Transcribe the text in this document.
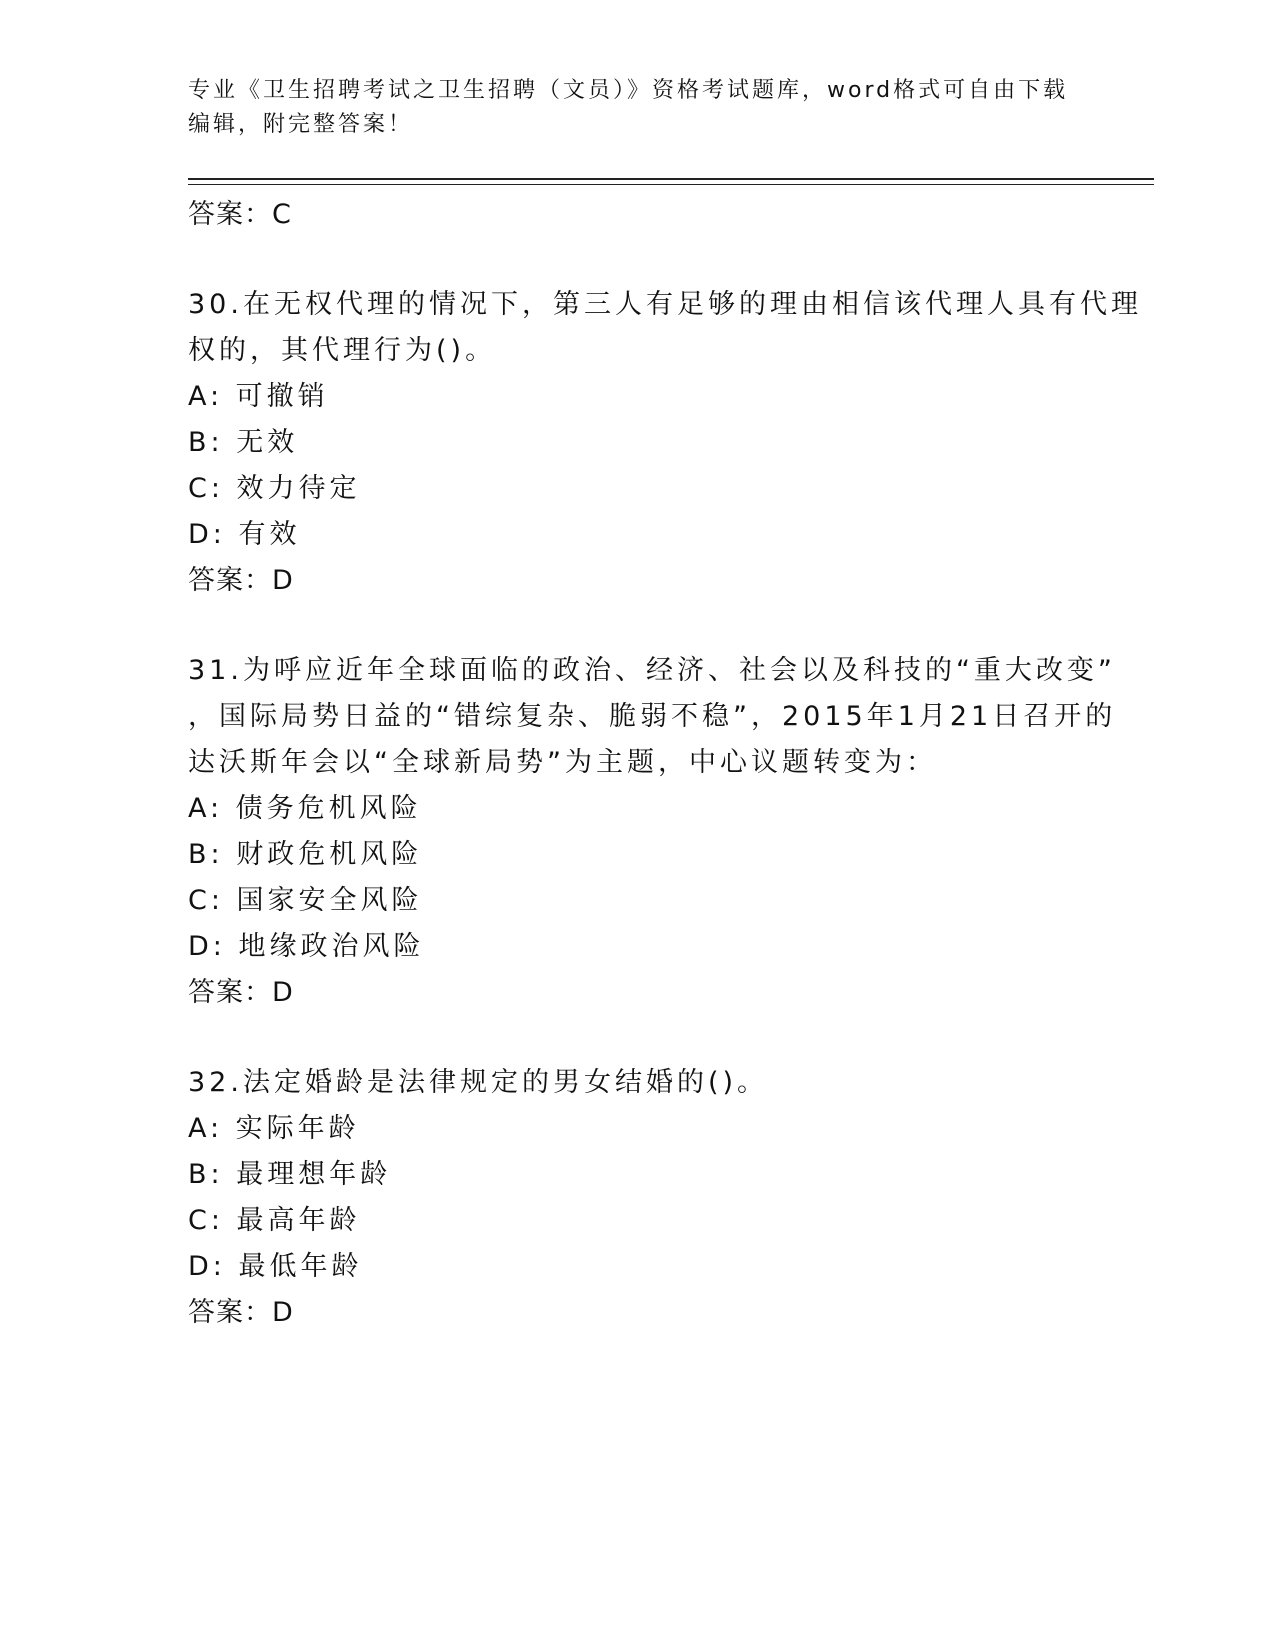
专业《卫生招聘考试之卫生招聘（文员）》资格考试题库，word格式可自由下载
编辑，附完整答案！
答案：C
30.在无权代理的情况下，第三人有足够的理由相信该代理人具有代理
权的，其代理行为()。
A: 可撤销
B: 无效
C: 效力待定
D: 有效
答案：D
31.为呼应近年全球面临的政治、经济、社会以及科技的“重大改变”
，国际局势日益的“错综复杂、脆弱不稳”，2015年1月21日召开的
达沃斯年会以“全球新局势”为主题，中心议题转变为：
A: 债务危机风险
B: 财政危机风险
C: 国家安全风险
D: 地缘政治风险
答案：D
32.法定婚龄是法律规定的男女结婚的()。
A: 实际年龄
B: 最理想年龄
C: 最高年龄
D: 最低年龄
答案：D
